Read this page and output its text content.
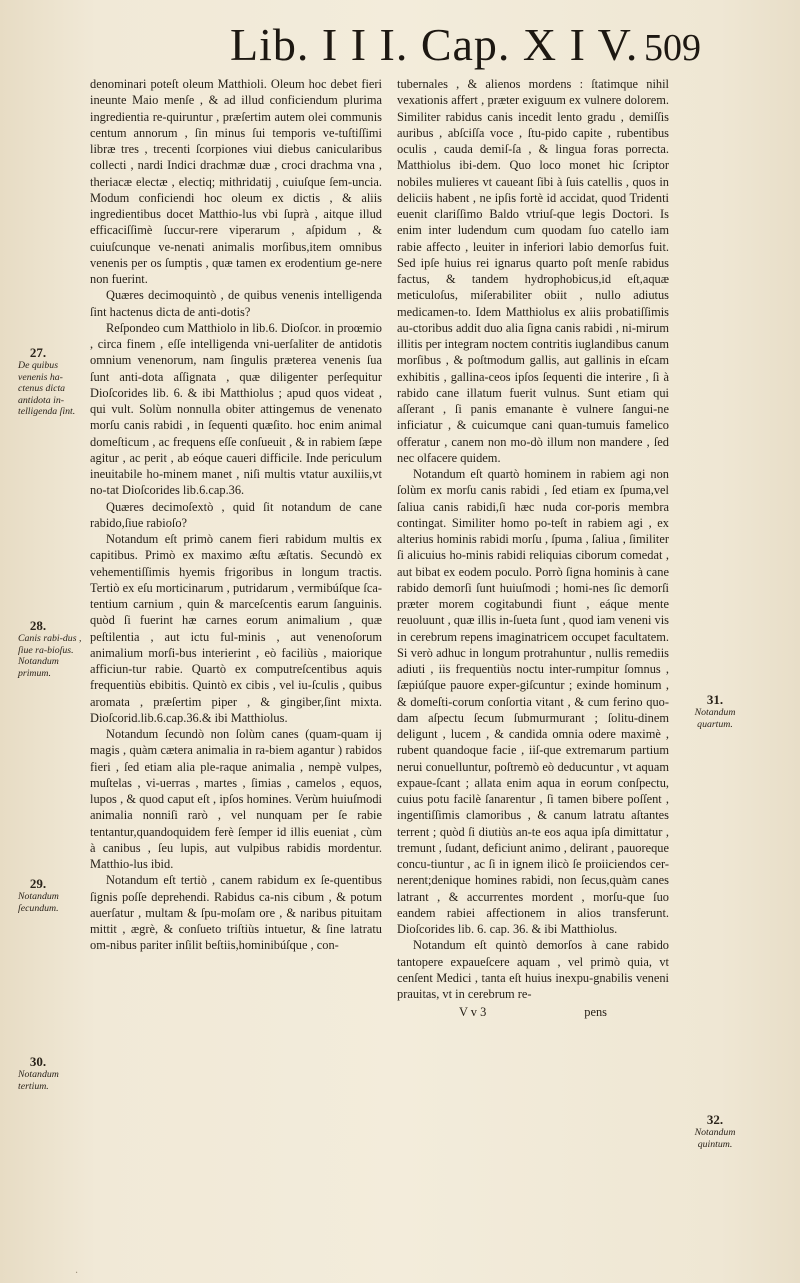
Lib. I I I. Cap. X I V. 509

denominari poteſt oleum Matthioli. Oleum hoc debet fieri ineunte Maio menſe , & ad illud conficiendum plurima ingredientia re-quiruntur , præſertim autem olei communis centum annorum , ſin minus ſui temporis ve-tuſtiſſimi libræ tres , trecenti ſcorpiones viui diebus canicularibus collecti , nardi Indici drachmæ duæ , croci drachma vna , theriacæ electæ , electiq; mithridatij , cuiuſque ſem-uncia. Modum conficiendi hoc oleum ex dictis , & aliis ingredientibus docet Matthio-lus vbi ſuprà , aitque illud efficaciſſimè ſuccur-rere viperarum , aſpidum , & cuiuſcunque ve-nenati animalis morſibus,item omnibus venenis per os ſumptis , quæ tamen ex erodentium ge-nere non fuerint.

Quæres decimoquintò , de quibus venenis intelligenda ſint hactenus dicta de anti-dotis?

Reſpondeo cum Matthiolo in lib.6. Dioſcor. in proœmio , circa finem , eſſe intelligenda vni-uerſaliter de antidotis omnium venenorum, nam ſingulis præterea venenis ſua ſunt anti-dota aſſignata , quæ diligenter perſequitur Dioſcorides lib. 6. & ibi Matthiolus ; apud quos videat , qui vult. Solùm nonnulla obiter attingemus de venenato morſu canis rabidi , in ſequenti quæſito. hoc enim animal domeſticum , ac frequens eſſe conſueuit , & in rabiem ſæpe agitur , ac perit , ab eóque caueri difficile. Inde periculum ineuitabile ho-minem manet , niſi multis vtatur auxiliis,vt no-tat Dioſcorides lib.6.cap.36.

Quæres decimoſextò , quid ſit notandum de cane rabido,ſiue rabioſo?

Notandum eſt primò canem fieri rabidum multis ex capitibus. Primò ex maximo æſtu æſtatis. Secundò ex vehementiſſimis hyemis frigoribus in longum tractis. Tertiò ex eſu morticinarum , putridarum , vermibúſque ſca-tentium carnium , quin & marceſcentis earum ſanguinis. quòd ſi fuerint hæ carnes eorum animalium , quæ peſtilentia , aut ictu ful-minis , aut venenoſorum animalium morſi-bus interierint , eò faciliùs , maiorique afficiun-tur rabie. Quartò ex computreſcentibus aquis frequentiùs ebibitis. Quintò ex cibis , vel iu-ſculis , quibus aromata , præſertim piper , & gingiber,ſint mixta. Dioſcorid.lib.6.cap.36.& ibi Matthiolus.

Notandum ſecundò non ſolùm canes (quam-quam ij magis , quàm cætera animalia in ra-biem agantur ) rabidos fieri , ſed etiam alia ple-raque animalia , nempè vulpes, muſtelas , vi-uerras , martes , ſimias , camelos , equos, lupos , & quod caput eſt , ipſos homines. Verùm huiuſmodi animalia nonniſi rarò , vel nunquam per ſe rabie tentantur,quandoquidem ferè ſemper id illis eueniat , cùm à canibus , ſeu lupis, aut vulpibus rabidis mordentur. Matthio-lus ibid.

Notandum eſt tertiò , canem rabidum ex ſe-quentibus ſignis poſſe deprehendi. Rabidus ca-nis cibum , & potum auerſatur , multam & ſpu-moſam ore , & naribus pituitam mittit , ægrè, & conſueto triſtiùs intuetur, & ſine latratu om-nibus pariter inſilit beſtiis,hominibúſque , con-

tubernales , & alienos mordens : ſtatimque nihil vexationis affert , præter exiguum ex vulnere dolorem. Similiter rabidus canis incedit lento gradu , demiſſis auribus , abſciſſa voce , ſtu-pido capite , rubentibus oculis , cauda demiſ-ſa , & lingua foras porrecta. Matthiolus ibi-dem. Quo loco monet hic ſcriptor nobiles mulieres vt caueant ſibi à ſuis catellis , quos in deliciis habent , ne ipſis fortè id accidat, quod Tridenti euenit clariſſimo Baldo vtriuſ-que legis Doctori. Is enim inter ludendum cum quodam ſuo catello iam rabie affecto , leuiter in inferiori labio demorſus fuit. Sed ipſe huius rei ignarus quarto poſt menſe rabidus factus, & tandem hydrophobicus,id eſt,aquæ meticuloſus, miſerabiliter obiit , nullo adiutus medicamen-to. Idem Matthiolus ex aliis probatiſſimis au-ctoribus addit duo alia ſigna canis rabidi , ni-mirum illitis per integram noctem contritis iuglandibus canum morſibus , & poſtmodum gallis, aut gallinis in eſcam exhibitis , gallina-ceos ipſos ſequenti die interire , ſi à rabido cane illatum fuerit vulnus. Sunt etiam qui aſſerant , ſi panis emanante è vulnere ſangui-ne inficiatur , & cuicumque cani quan-tumuis famelico offeratur , canem non mo-dò illum non mandere , ſed nec olfacere quidem.

Notandum eſt quartò hominem in rabiem agi non ſolùm ex morſu canis rabidi , ſed etiam ex ſpuma,vel ſaliua canis rabidi,ſi hæc nuda cor-poris membra contingat. Similiter homo po-teſt in rabiem agi , ex alterius hominis rabidi morſu , ſpuma , ſaliua , ſimiliter ſi alicuius ho-minis rabidi reliquias ciborum comedat , aut bibat ex eodem poculo. Porrò ſigna hominis à cane rabido demorſi ſunt huiuſmodi ; homi-nes ſic demorſi præter morem cogitabundi fiunt , eáque mente reuoluunt , quæ illis in-ſueta ſunt , quod iam veneni vis in cerebrum repens imaginatricem occupet facultatem. Si verò adhuc in longum protrahuntur , nullis remediis adiuti , iis frequentiùs noctu inter-rumpitur ſomnus , ſæpiúſque pauore exper-giſcuntur ; exinde hominum , & domeſti-corum conſortia vitant , & cum ferino quo-dam aſpectu ſecum ſubmurmurant ; ſolitu-dinem deligunt , lucem , & candida omnia odere maximè , rubent quandoque facie , iiſ-que extremarum partium nerui conuelluntur, poſtremò eò deducuntur , vt aquam expaue-ſcant ; allata enim aqua in eorum conſpectu, cuius potu facilè ſanarentur , ſi tamen bibere poſſent , ingentiſſimis clamoribus , & canum latratu aſtantes terrent ; quòd ſi diutiùs an-te eos aqua ipſa dimittatur , tremunt , ſudant, deficiunt animo , delirant , pauoreque concu-tiuntur , ac ſi in ignem ilicò ſe proiiciendos cer-nerent;denique homines rabidi, non ſecus,quàm canes latrant , & accurrentes mordent , morſu-que ſuo eandem rabiei affectionem in alios transferunt. Dioſcorides lib. 6. cap. 36. & ibi Matthiolus.

Notandum eſt quintò demorſos à cane rabido tantopere expaueſcere aquam , vel primò quia, vt cenſent Medici , tanta eſt huius inexpu-gnabilis veneni prauitas, vt in cerebrum re-

V v 3	pens
27.
De quibus venenis ha-ctenus dicta antidota in-telligenda ſint.
28.
Canis rabi-dus , ſiue ra-bioſus. Notandum primum.
29.
Notandum ſecundum.
30.
Notandum tertium.
31.
Notandum quartum.
32.
Notandum quintum.
·
